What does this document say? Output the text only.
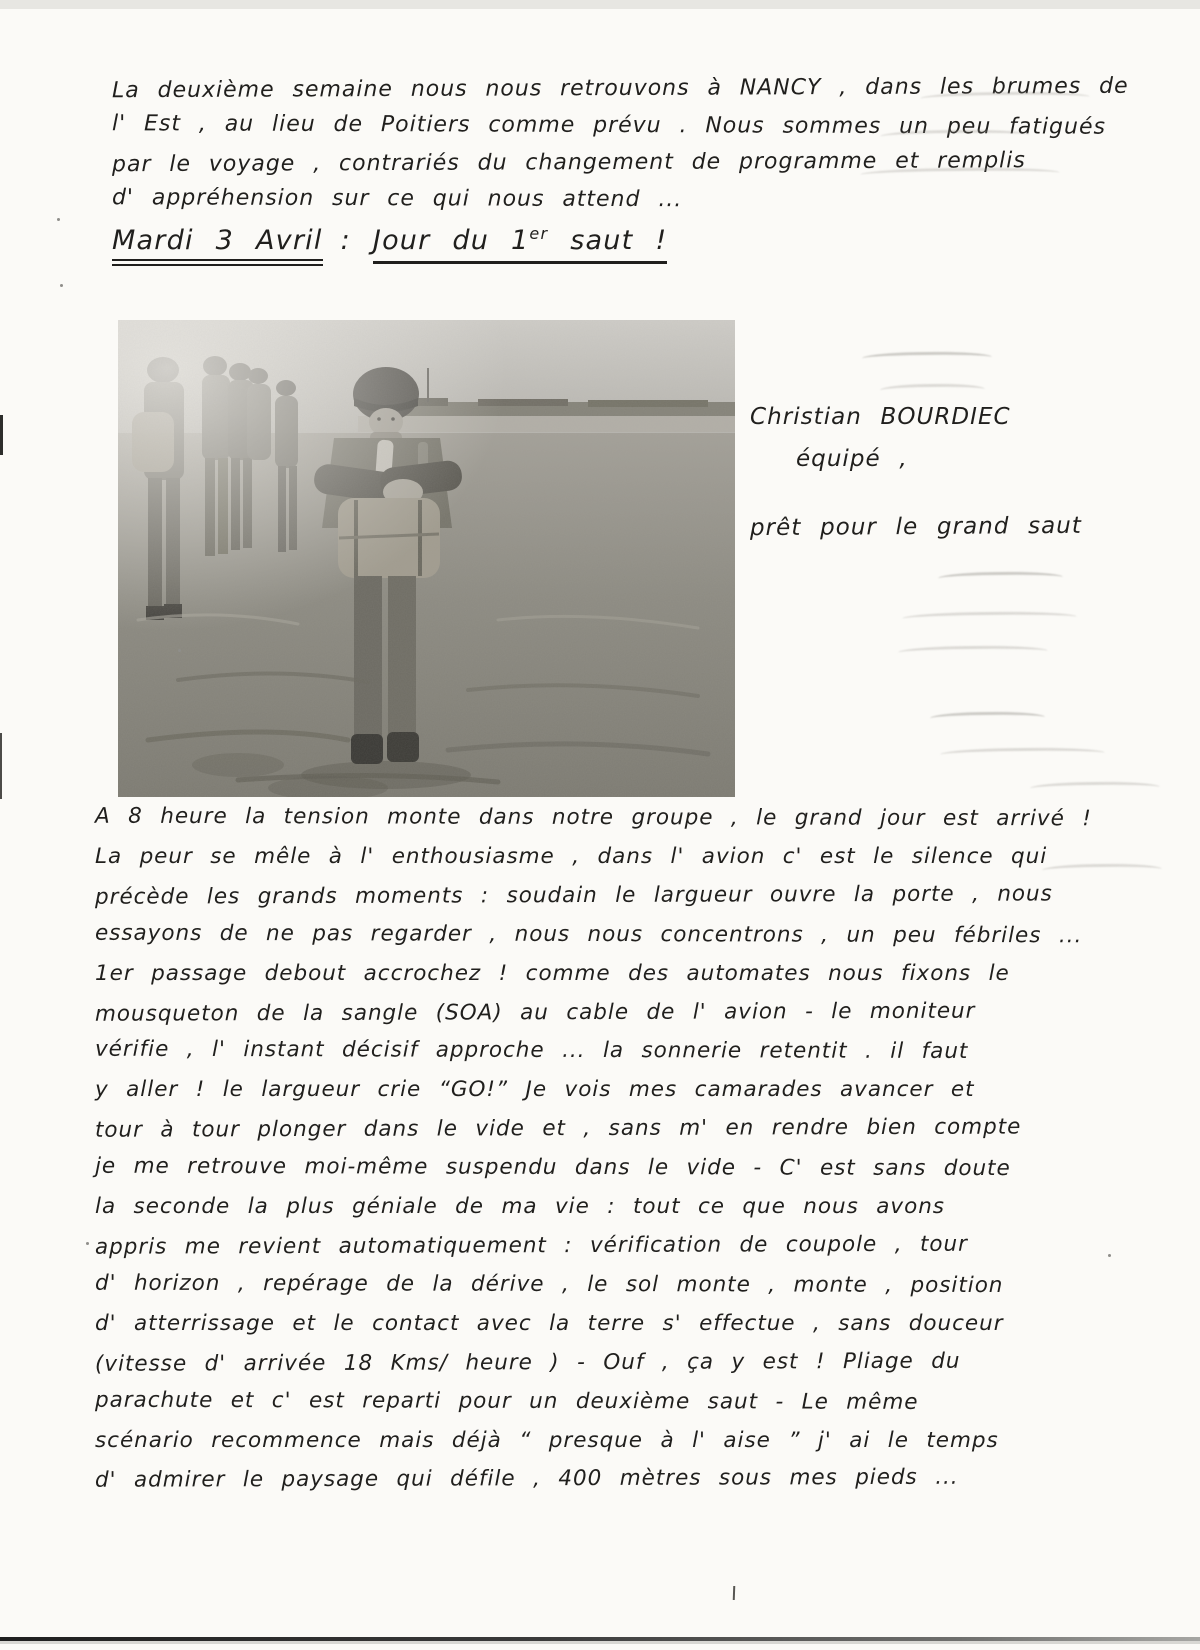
La deuxième semaine nous nous retrouvons à NANCY , dans les brumes de
l' Est , au lieu de Poitiers comme prévu . Nous sommes un peu fatigués
par le voyage , contrariés du changement de programme et remplis
d' appréhension sur ce qui nous attend ...
Mardi 3 Avril : Jour du 1er saut !
Christian BOURDIEC
équipé ,
prêt pour le grand saut
A 8 heure la tension monte dans notre groupe , le grand jour est arrivé !
La peur se mêle à l' enthousiasme , dans l' avion c' est le silence qui
précède les grands moments : soudain le largueur ouvre la porte , nous
essayons de ne pas regarder , nous nous concentrons , un peu fébriles ...
1er passage debout accrochez ! comme des automates nous fixons le
mousqueton de la sangle (SOA) au cable de l' avion - le moniteur
vérifie , l' instant décisif approche ... la sonnerie retentit . il faut
y aller ! le largueur crie “GO!” Je vois mes camarades avancer et
tour à tour plonger dans le vide et , sans m' en rendre bien compte
je me retrouve moi-même suspendu dans le vide - C' est sans doute
la seconde la plus géniale de ma vie : tout ce que nous avons
appris me revient automatiquement : vérification de coupole , tour
d' horizon , repérage de la dérive , le sol monte , monte , position
d' atterrissage et le contact avec la terre s' effectue , sans douceur
(vitesse d' arrivée 18 Kms/ heure ) - Ouf , ça y est ! Pliage du
parachute et c' est reparti pour un deuxième saut - Le même
scénario recommence mais déjà “ presque à l' aise ” j' ai le temps
d' admirer le paysage qui défile , 400 mètres sous mes pieds ...
